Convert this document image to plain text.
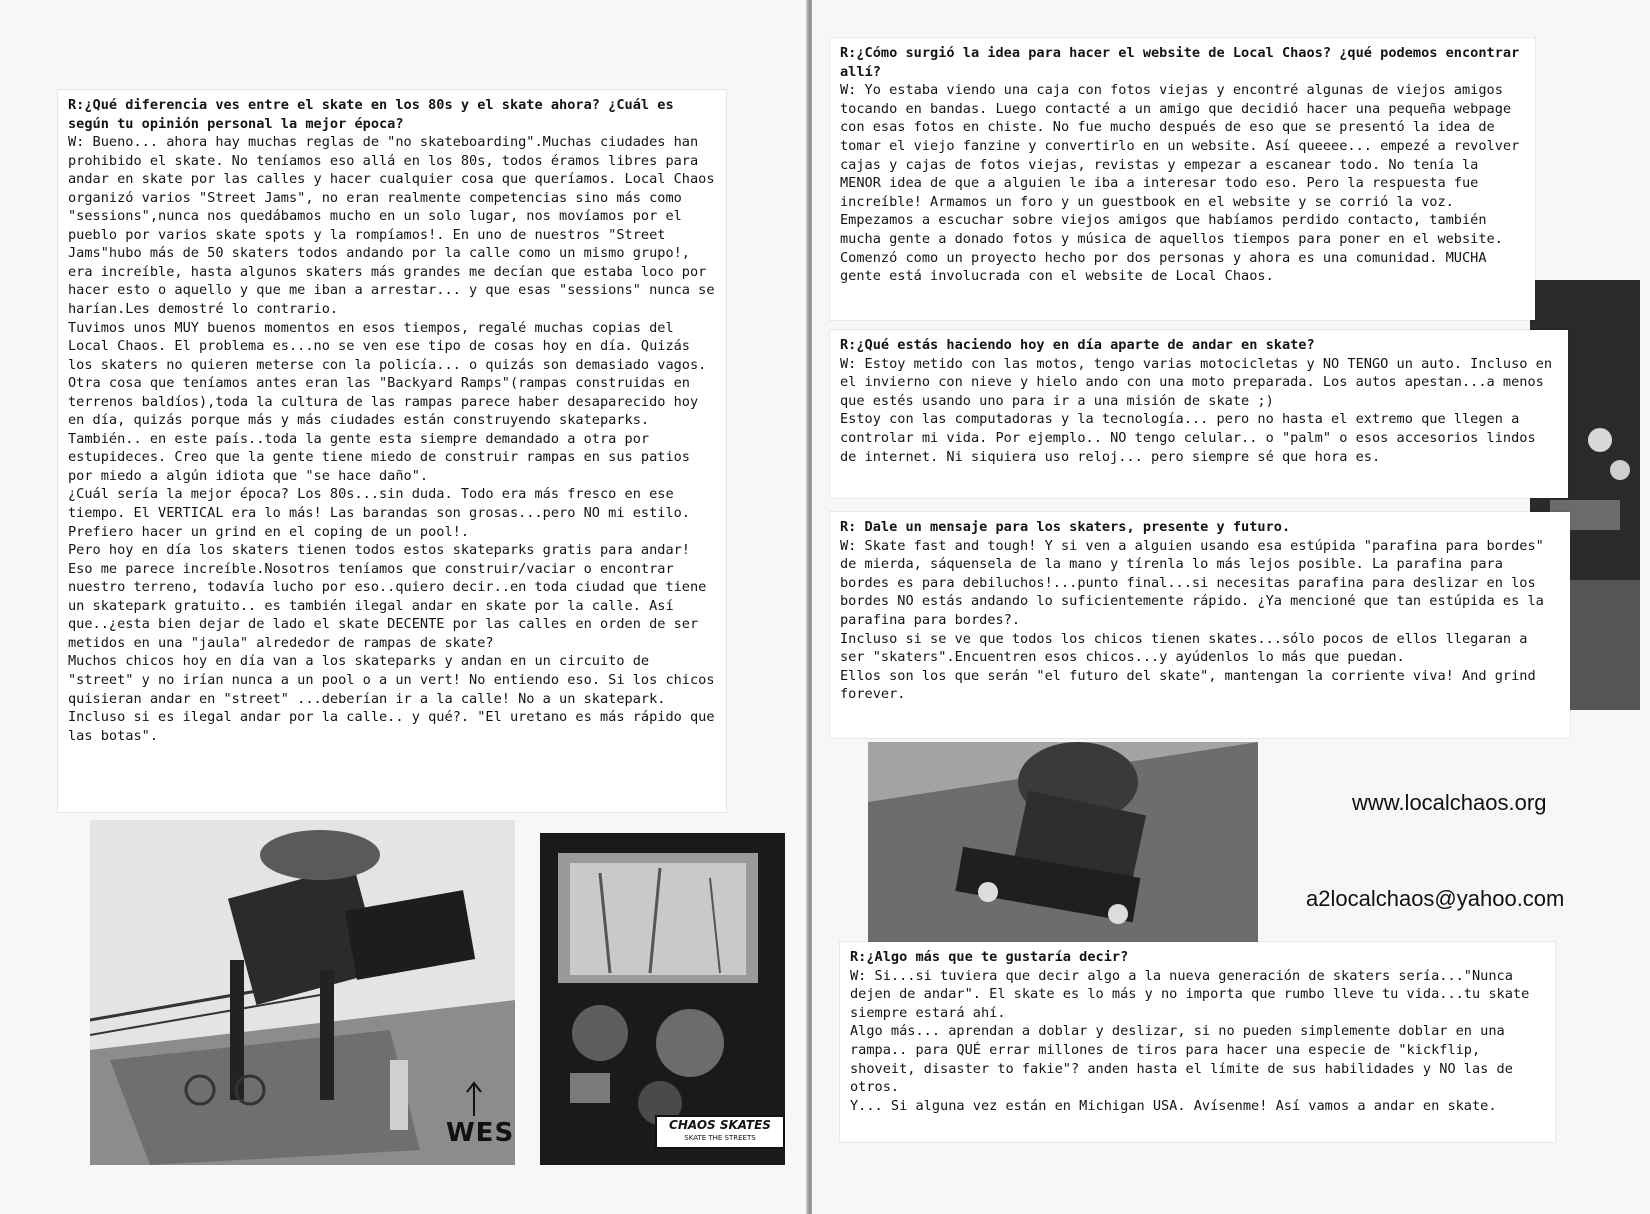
R:¿Qué diferencia ves entre el skate en los 80s y el skate ahora? ¿Cuál es según tu opinión personal la mejor época?

W: Bueno... ahora hay muchas reglas de "no skateboarding".Muchas ciudades han prohibido el skate. No teníamos eso allá en los 80s, todos éramos libres para andar en skate por las calles y hacer cualquier cosa que queríamos. Local Chaos organizó varios "Street Jams", no eran realmente competencias sino más como "sessions",nunca nos quedábamos mucho en un solo lugar, nos movíamos por el pueblo por varios skate spots y la rompíamos!. En uno de nuestros "Street Jams"hubo más de 50 skaters todos andando por la calle como un mismo grupo!, era increíble, hasta algunos skaters más grandes me decían que estaba loco por hacer esto o aquello y que me iban a arrestar... y que esas "sessions" nunca se harían.Les demostré lo contrario.
Tuvimos unos MUY buenos momentos en esos tiempos, regalé muchas copias del Local Chaos. El problema es...no se ven ese tipo de cosas hoy en día. Quizás los skaters no quieren meterse con la policía... o quizás son demasiado vagos.
Otra cosa que teníamos antes eran las "Backyard Ramps"(rampas construidas en terrenos baldíos),toda la cultura de las rampas parece haber desaparecido hoy en día, quizás porque más y más ciudades están construyendo skateparks. También.. en este país..toda la gente esta siempre demandado a otra por estupideces. Creo que la gente tiene miedo de construir rampas en sus patios por miedo a algún idiota que "se hace daño".
¿Cuál sería la mejor época? Los 80s...sin duda. Todo era más fresco en ese tiempo. El VERTICAL era lo más! Las barandas son grosas...pero NO mi estilo. Prefiero hacer un grind en el coping de un pool!.
Pero hoy en día los skaters tienen todos estos skateparks gratis para andar! Eso me parece increíble.Nosotros teníamos que construir/vaciar o encontrar nuestro terreno, todavía lucho por eso..quiero decir..en toda ciudad que tiene un skatepark gratuito.. es también ilegal andar en skate por la calle. Así que..¿esta bien dejar de lado el skate DECENTE por las calles en orden de ser metidos en una "jaula" alrededor de rampas de skate?
Muchos chicos hoy en día van a los skateparks y andan en un circuito de "street" y no irían nunca a un pool o a un vert! No entiendo eso. Si los chicos quisieran andar en "street" ...deberían ir a la calle! No a un skatepark. Incluso si es ilegal andar por la calle.. y qué?. "El uretano es más rápido que las botas".
WES	CHAOS SKATES
SKATE THE STREETS

R:¿Cómo surgió la idea para hacer el website de Local Chaos? ¿qué podemos encontrar allí?

W: Yo estaba viendo una caja con fotos viejas y encontré algunas de viejos amigos tocando en bandas. Luego contacté a un amigo que decidió hacer una pequeña webpage con esas fotos en chiste. No fue mucho después de eso que se presentó la idea de tomar el viejo fanzine y convertirlo en un website. Así queeee... empezé a revolver cajas y cajas de fotos viejas, revistas y empezar a escanear todo. No tenía la MENOR idea de que a alguien le iba a interesar todo eso. Pero la respuesta fue increíble! Armamos un foro y un guestbook en el website y se corrió la voz. Empezamos a escuchar sobre viejos amigos que habíamos perdido contacto, también mucha gente a donado fotos y música de aquellos tiempos para poner en el website. Comenzó como un proyecto hecho por dos personas y ahora es una comunidad. MUCHA gente está involucrada con el website de Local Chaos.

R:¿Qué estás haciendo hoy en día aparte de andar en skate?

W: Estoy metido con las motos, tengo varias motocicletas y NO TENGO un auto. Incluso en el invierno con nieve y hielo ando con una moto preparada. Los autos apestan...a menos que estés usando uno para ir a una misión de skate ;)
Estoy con las computadoras y la tecnología... pero no hasta el extremo que llegen a controlar mi vida. Por ejemplo.. NO tengo celular.. o "palm" o esos accesorios lindos de internet. Ni siquiera uso reloj... pero siempre sé que hora es.

R: Dale un mensaje para los skaters, presente y futuro.

W: Skate fast and tough! Y si ven a alguien usando esa estúpida "parafina para bordes" de mierda, sáquensela de la mano y tírenla lo más lejos posible. La parafina para bordes es para debiluchos!...punto final...si necesitas parafina para deslizar en los bordes NO estás andando lo suficientemente rápido. ¿Ya mencioné que tan estúpida es la parafina para bordes?.
Incluso si se ve que todos los chicos tienen skates...sólo pocos de ellos llegaran a ser "skaters".Encuentren esos chicos...y ayúdenlos lo más que puedan.
Ellos son los que serán "el futuro del skate", mantengan la corriente viva! And grind forever.
www.localchaos.org
a2localchaos@yahoo.com

R:¿Algo más que te gustaría decir?

W: Si...si tuviera que decir algo a la nueva generación de skaters sería..."Nunca dejen de andar". El skate es lo más y no importa que rumbo lleve tu vida...tu skate siempre estará ahí.
Algo más... aprendan a doblar y deslizar, si no pueden simplemente doblar en una rampa.. para QUÉ errar millones de tiros para hacer una especie de "kickflip, shoveit, disaster to fakie"? anden hasta el límite de sus habilidades y NO las de otros.
Y... Si alguna vez están en Michigan USA. Avísenme! Así vamos a andar en skate.
